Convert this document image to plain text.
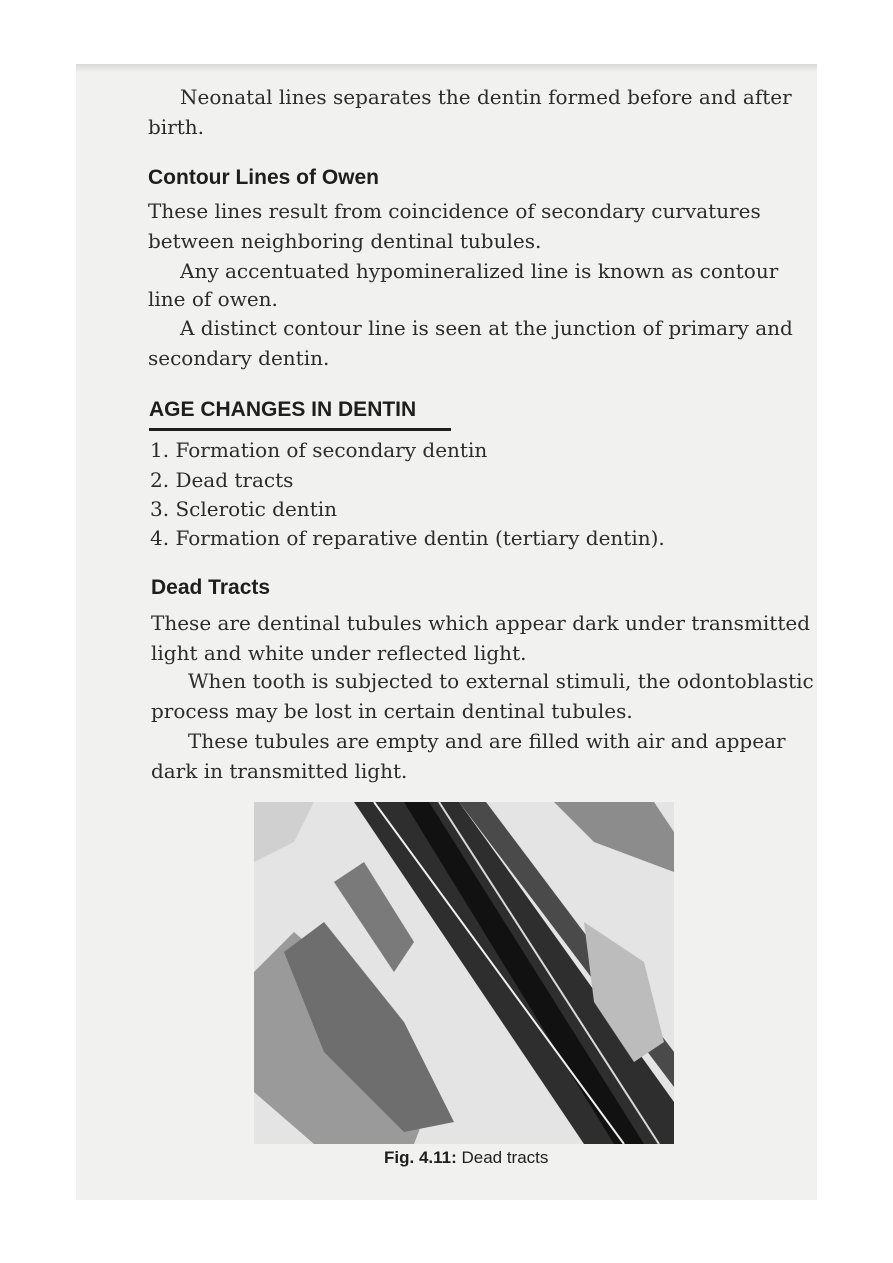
Neonatal lines separates the dentin formed before and after

birth.

Contour Lines of Owen

These lines result from coincidence of secondary curvatures

between neighboring dentinal tubules.

Any accentuated hypomineralized line is known as contour

line of owen.

A distinct contour line is seen at the junction of primary and

secondary dentin.

AGE CHANGES IN DENTIN
1. Formation of secondary dentin
2. Dead tracts
3. Sclerotic dentin
4. Formation of reparative dentin (tertiary dentin).
Dead Tracts

These are dentinal tubules which appear dark under transmitted

light and white under reflected light.

When tooth is subjected to external stimuli, the odontoblastic

process may be lost in certain dentinal tubules.

These tubules are empty and are filled with air and appear

dark in transmitted light.

Fig. 4.11: Dead tracts
